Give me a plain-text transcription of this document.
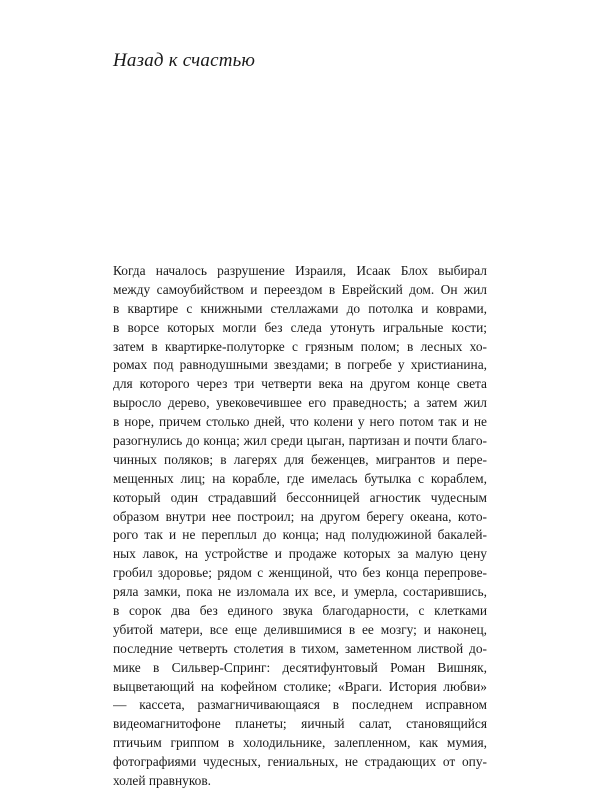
Назад к счастью
Когда началось разрушение Израиля, Исаак Блох выбирал
между самоубийством и переездом в Еврейский дом. Он жил
в квартире с книжными стеллажами до потолка и коврами,
в ворсе которых могли без следа утонуть игральные кости;
затем в квартирке-полуторке с грязным полом; в лесных хо-
ромах под равнодушными звездами; в погребе у христианина,
для которого через три четверти века на другом конце света
выросло дерево, увековечившее его праведность; а затем жил
в норе, причем столько дней, что колени у него потом так и не
разогнулись до конца; жил среди цыган, партизан и почти благо-
чинных поляков; в лагерях для беженцев, мигрантов и пере-
мещенных лиц; на корабле, где имелась бутылка с кораблем,
который один страдавший бессонницей агностик чудесным
образом внутри нее построил; на другом берегу океана, кото-
рого так и не переплыл до конца; над полудюжиной бакалей-
ных лавок, на устройстве и продаже которых за малую цену
гробил здоровье; рядом с женщиной, что без конца перепрове-
ряла замки, пока не изломала их все, и умерла, состарившись,
в сорок два без единого звука благодарности, с клетками
убитой матери, все еще делившимися в ее мозгу; и наконец,
последние четверть столетия в тихом, заметенном листвой до-
мике в Сильвер-Спринг: десятифунтовый Роман Вишняк,
выцветающий на кофейном столике; «Враги. История любви»
— кассета, размагничивающаяся в последнем исправном
видеомагнитофоне планеты; яичный салат, становящийся
птичьим гриппом в холодильнике, залепленном, как мумия,
фотографиями чудесных, гениальных, не страдающих от опу-
холей правнуков.
